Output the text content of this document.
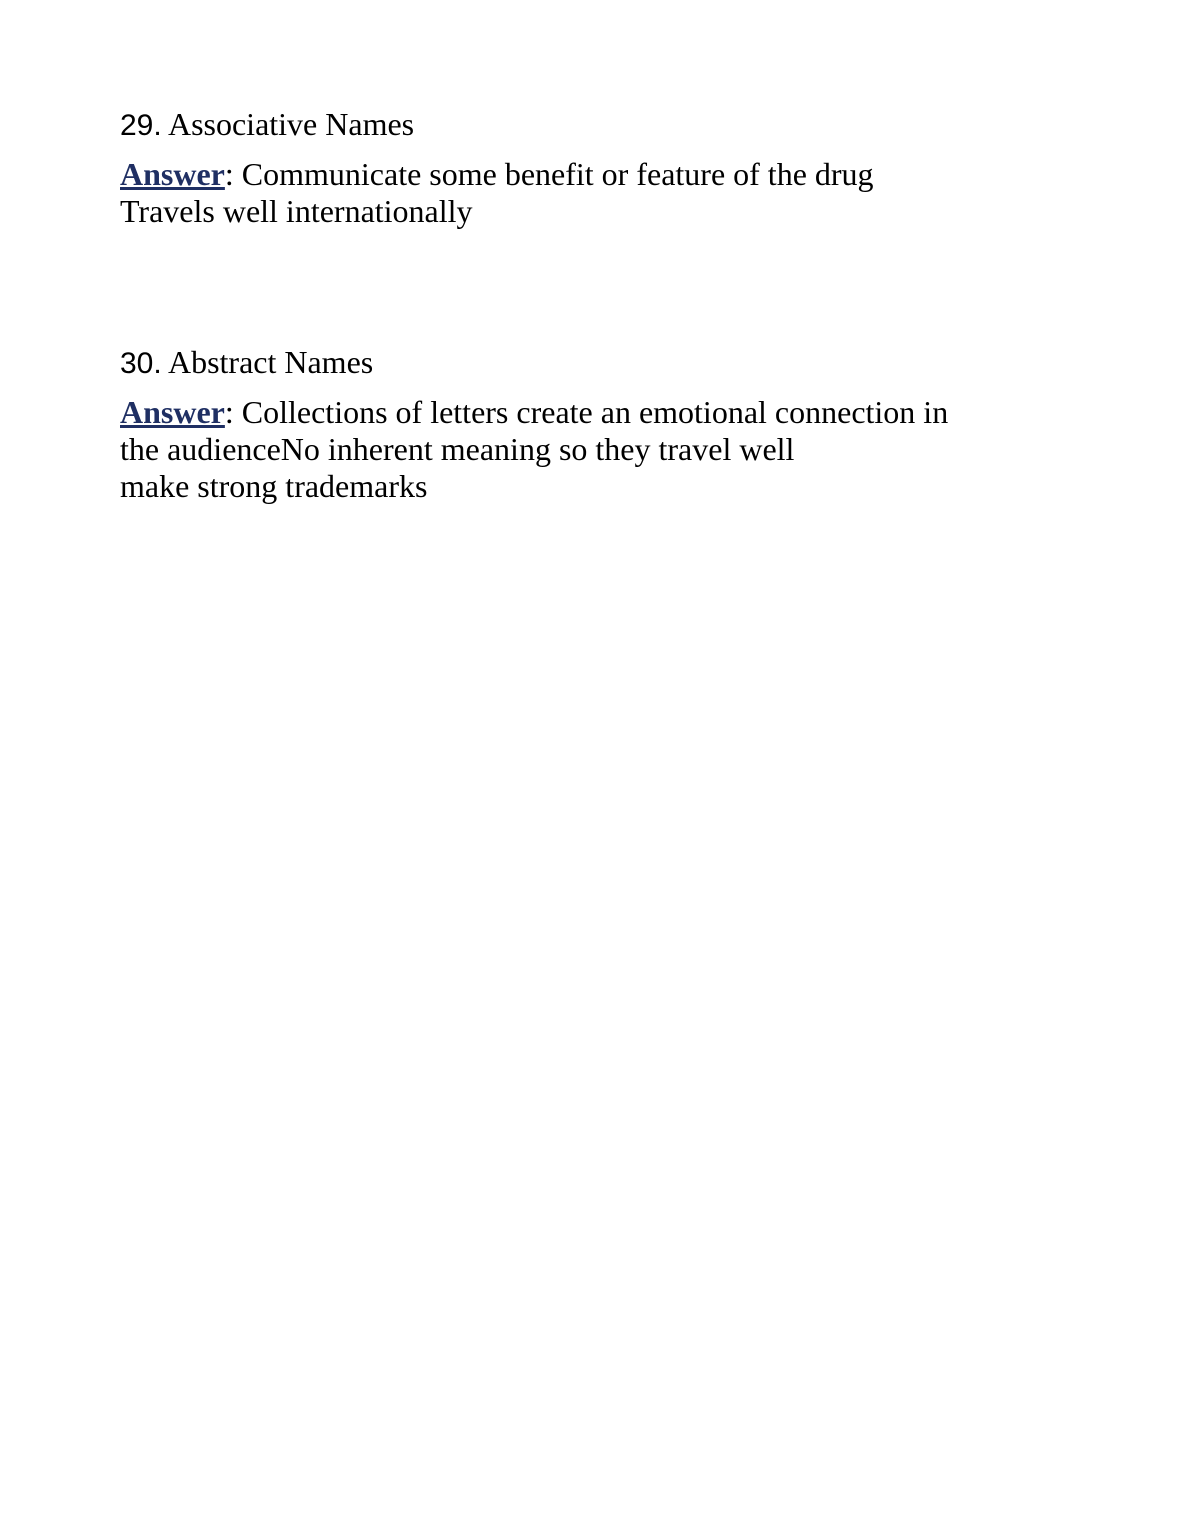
29. Associative Names

Answer: Communicate some benefit or feature of the drug
Travels well internationally

30. Abstract Names

Answer: Collections of letters create an emotional connection in
the audienceNo inherent meaning so they travel well
make strong trademarks
